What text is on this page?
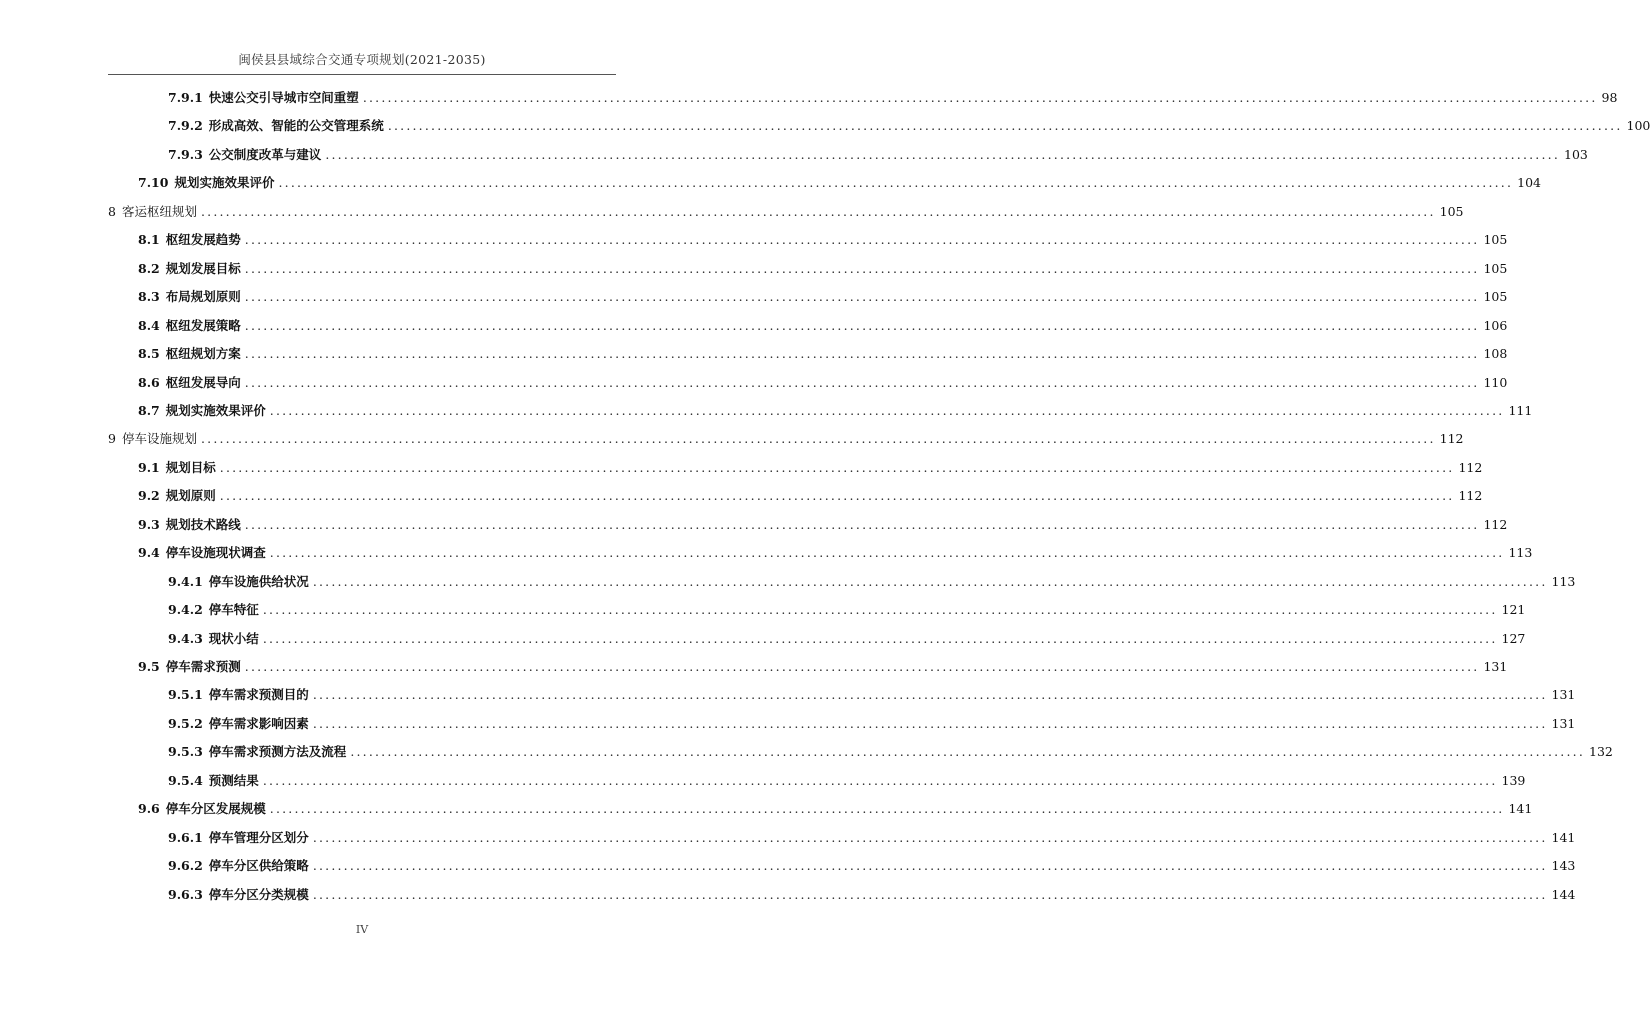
闽侯县县域综合交通专项规划(2021-2035)
7.9.1 快速公交引导城市空间重塑 ........................................................................................................................................................................................................ 98
7.9.2 形成高效、智能的公交管理系统 ........................................................................................................................................................................................................ 100
7.9.3 公交制度改革与建议 ........................................................................................................................................................................................................ 103
7.10 规划实施效果评价 ........................................................................................................................................................................................................ 104
8 客运枢纽规划 ........................................................................................................................................................................................................ 105
8.1 枢纽发展趋势 ........................................................................................................................................................................................................ 105
8.2 规划发展目标 ........................................................................................................................................................................................................ 105
8.3 布局规划原则 ........................................................................................................................................................................................................ 105
8.4 枢纽发展策略 ........................................................................................................................................................................................................ 106
8.5 枢纽规划方案 ........................................................................................................................................................................................................ 108
8.6 枢纽发展导向 ........................................................................................................................................................................................................ 110
8.7 规划实施效果评价 ........................................................................................................................................................................................................ 111
9 停车设施规划 ........................................................................................................................................................................................................ 112
9.1 规划目标 ........................................................................................................................................................................................................ 112
9.2 规划原则 ........................................................................................................................................................................................................ 112
9.3 规划技术路线 ........................................................................................................................................................................................................ 112
9.4 停车设施现状调查 ........................................................................................................................................................................................................ 113
9.4.1 停车设施供给状况 ........................................................................................................................................................................................................ 113
9.4.2 停车特征 ........................................................................................................................................................................................................ 121
9.4.3 现状小结 ........................................................................................................................................................................................................ 127
9.5 停车需求预测 ........................................................................................................................................................................................................ 131
9.5.1 停车需求预测目的 ........................................................................................................................................................................................................ 131
9.5.2 停车需求影响因素 ........................................................................................................................................................................................................ 131
9.5.3 停车需求预测方法及流程 ........................................................................................................................................................................................................ 132
9.5.4 预测结果 ........................................................................................................................................................................................................ 139
9.6 停车分区发展规模 ........................................................................................................................................................................................................ 141
9.6.1 停车管理分区划分 ........................................................................................................................................................................................................ 141
9.6.2 停车分区供给策略 ........................................................................................................................................................................................................ 143
9.6.3 停车分区分类规模 ........................................................................................................................................................................................................ 144
IV
